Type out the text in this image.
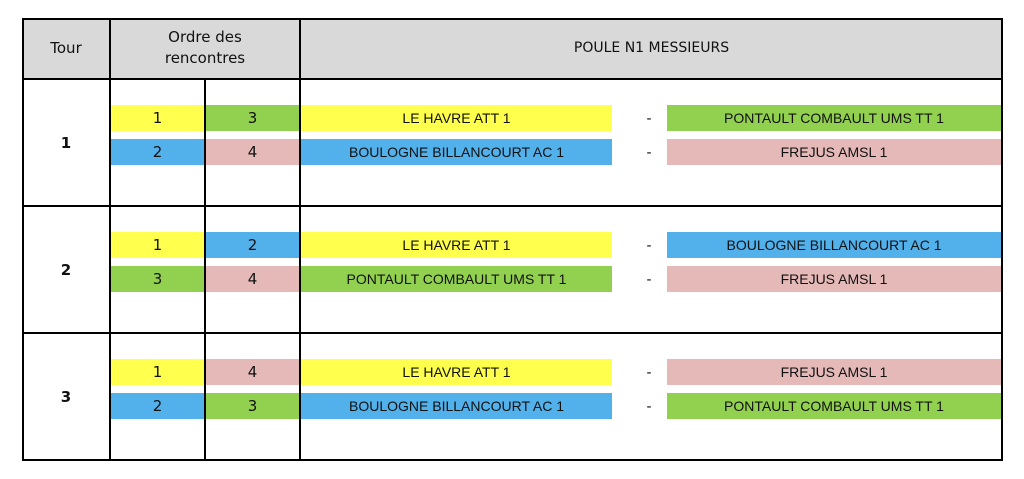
Tour
Ordre des
rencontres
POULE N1 MESSIEURS
1
1	3	LE HAVRE ATT 1	-	PONTAULT COMBAULT UMS TT 1
2	4	BOULOGNE BILLANCOURT AC 1	-	FREJUS AMSL 1
2
1	2	LE HAVRE ATT 1	-	BOULOGNE BILLANCOURT AC 1
3	4	PONTAULT COMBAULT UMS TT 1	-	FREJUS AMSL 1
3
1	4	LE HAVRE ATT 1	-	FREJUS AMSL 1
2	3	BOULOGNE BILLANCOURT AC 1	-	PONTAULT COMBAULT UMS TT 1
